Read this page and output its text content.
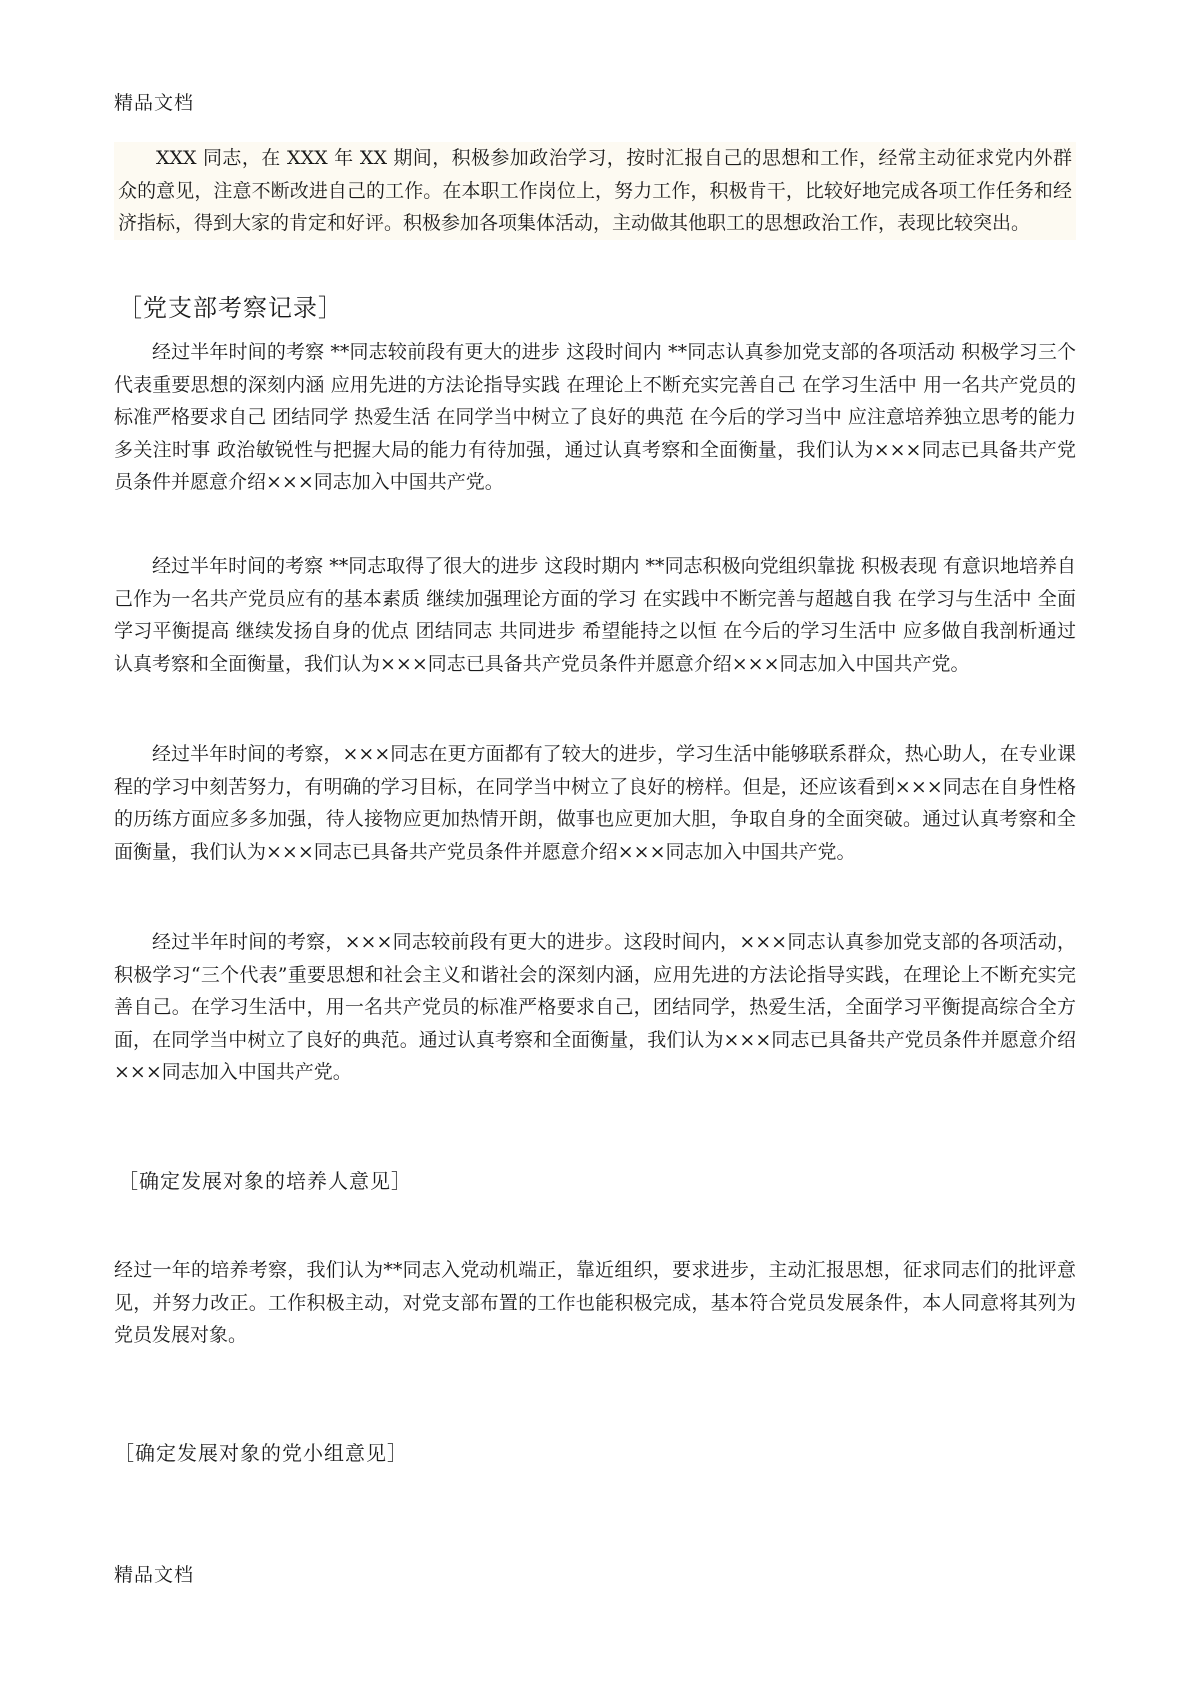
精品文档

XXX 同志，在 XXX 年 XX 期间，积极参加政治学习，按时汇报自己的思想和工作，经常主动征求党内外群众的意见，注意不断改进自己的工作。在本职工作岗位上，努力工作，积极肯干，比较好地完成各项工作任务和经济指标，得到大家的肯定和好评。积极参加各项集体活动，主动做其他职工的思想政治工作，表现比较突出。

［党支部考察记录］

经过半年时间的考察 **同志较前段有更大的进步 这段时间内 **同志认真参加党支部的各项活动 积极学习三个代表重要思想的深刻内涵 应用先进的方法论指导实践 在理论上不断充实完善自己 在学习生活中 用一名共产党员的标准严格要求自己 团结同学 热爱生活 在同学当中树立了良好的典范 在今后的学习当中 应注意培养独立思考的能力 多关注时事 政治敏锐性与把握大局的能力有待加强，通过认真考察和全面衡量，我们认为×××同志已具备共产党员条件并愿意介绍×××同志加入中国共产党。

经过半年时间的考察 **同志取得了很大的进步 这段时期内 **同志积极向党组织靠拢 积极表现 有意识地培养自己作为一名共产党员应有的基本素质 继续加强理论方面的学习 在实践中不断完善与超越自我 在学习与生活中 全面学习平衡提高 继续发扬自身的优点 团结同志 共同进步 希望能持之以恒 在今后的学习生活中 应多做自我剖析通过认真考察和全面衡量，我们认为×××同志已具备共产党员条件并愿意介绍×××同志加入中国共产党。

经过半年时间的考察，×××同志在更方面都有了较大的进步，学习生活中能够联系群众，热心助人，在专业课程的学习中刻苦努力，有明确的学习目标，在同学当中树立了良好的榜样。但是，还应该看到×××同志在自身性格的历练方面应多多加强，待人接物应更加热情开朗，做事也应更加大胆，争取自身的全面突破。通过认真考察和全面衡量，我们认为×××同志已具备共产党员条件并愿意介绍×××同志加入中国共产党。

经过半年时间的考察，×××同志较前段有更大的进步。这段时间内，×××同志认真参加党支部的各项活动，积极学习“三个代表”重要思想和社会主义和谐社会的深刻内涵，应用先进的方法论指导实践，在理论上不断充实完善自己。在学习生活中，用一名共产党员的标准严格要求自己，团结同学，热爱生活，全面学习平衡提高综合全方面，在同学当中树立了良好的典范。通过认真考察和全面衡量，我们认为×××同志已具备共产党员条件并愿意介绍×××同志加入中国共产党。

［确定发展对象的培养人意见］

经过一年的培养考察，我们认为**同志入党动机端正，靠近组织，要求进步，主动汇报思想，征求同志们的批评意见，并努力改正。工作积极主动，对党支部布置的工作也能积极完成，基本符合党员发展条件，本人同意将其列为党员发展对象。

［确定发展对象的党小组意见］
精品文档
